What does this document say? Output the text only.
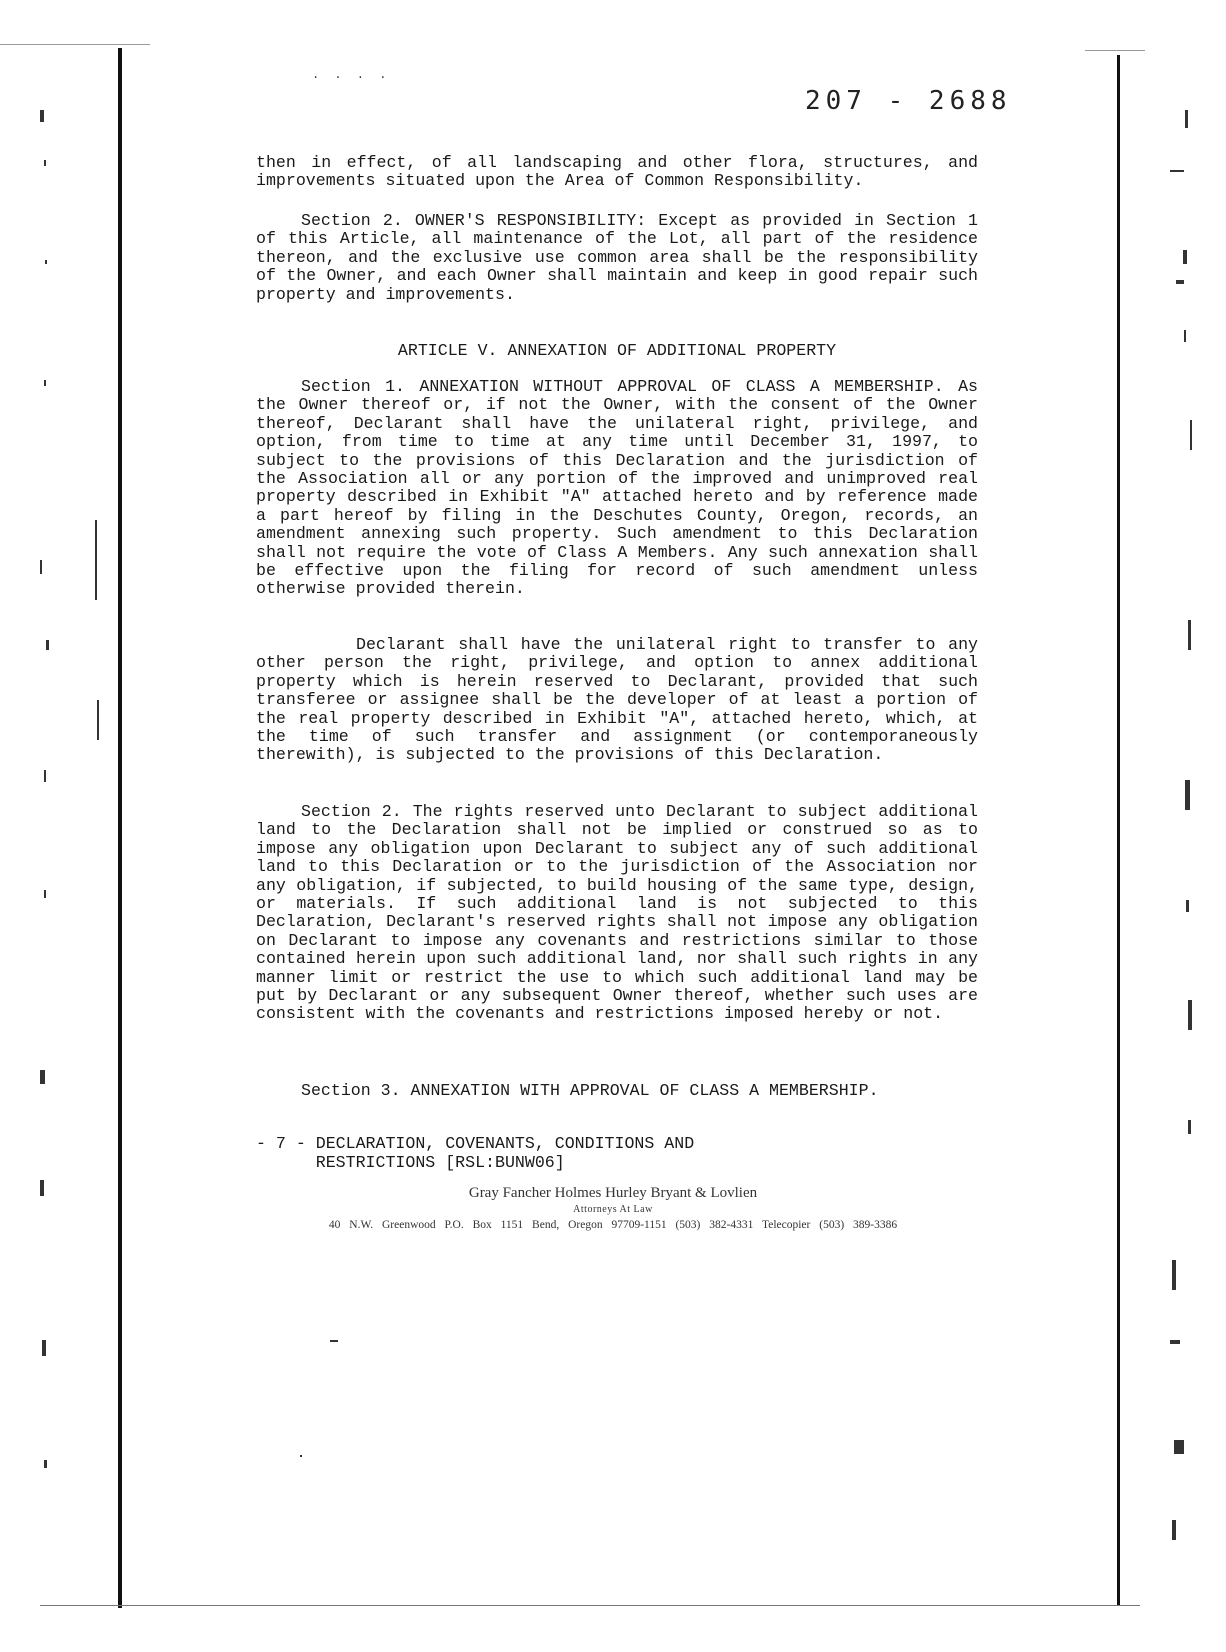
. . . .
207 - 2688

then in effect, of all landscaping and other flora, structures, and improvements situated upon the Area of Common Responsibility.

Section 2. OWNER'S RESPONSIBILITY: Except as provided in Section 1 of this Article, all maintenance of the Lot, all part of the residence thereon, and the exclusive use common area shall be the responsibility of the Owner, and each Owner shall maintain and keep in good repair such property and improvements.

ARTICLE V. ANNEXATION OF ADDITIONAL PROPERTY

Section 1. ANNEXATION WITHOUT APPROVAL OF CLASS A MEMBERSHIP. As the Owner thereof or, if not the Owner, with the consent of the Owner thereof, Declarant shall have the unilateral right, privilege, and option, from time to time at any time until December 31, 1997, to subject to the provisions of this Declaration and the jurisdiction of the Association all or any portion of the improved and unimproved real property described in Exhibit "A" attached hereto and by reference made a part hereof by filing in the Deschutes County, Oregon, records, an amendment annexing such property. Such amendment to this Declaration shall not require the vote of Class A Members. Any such annexation shall be effective upon the filing for record of such amendment unless otherwise provided therein.

Declarant shall have the unilateral right to transfer to any other person the right, privilege, and option to annex additional property which is herein reserved to Declarant, provided that such transferee or assignee shall be the developer of at least a portion of the real property described in Exhibit "A", attached hereto, which, at the time of such transfer and assignment (or contemporaneously therewith), is subjected to the provisions of this Declaration.

Section 2. The rights reserved unto Declarant to subject additional land to the Declaration shall not be implied or construed so as to impose any obligation upon Declarant to subject any of such additional land to this Declaration or to the jurisdiction of the Association nor any obligation, if subjected, to build housing of the same type, design, or materials. If such additional land is not subjected to this Declaration, Declarant's reserved rights shall not impose any obligation on Declarant to impose any covenants and restrictions similar to those contained herein upon such additional land, nor shall such rights in any manner limit or restrict the use to which such additional land may be put by Declarant or any subsequent Owner thereof, whether such uses are consistent with the covenants and restrictions imposed hereby or not.

Section 3. ANNEXATION WITH APPROVAL OF CLASS A MEMBERSHIP.

- 7 - DECLARATION, COVENANTS, CONDITIONS AND
RESTRICTIONS [RSL:BUNW06]
Gray Fancher Holmes Hurley Bryant & Lovlien
Attorneys At Law
40 N.W. Greenwood P.O. Box 1151 Bend, Oregon 97709-1151 (503) 382-4331 Telecopier (503) 389-3386
